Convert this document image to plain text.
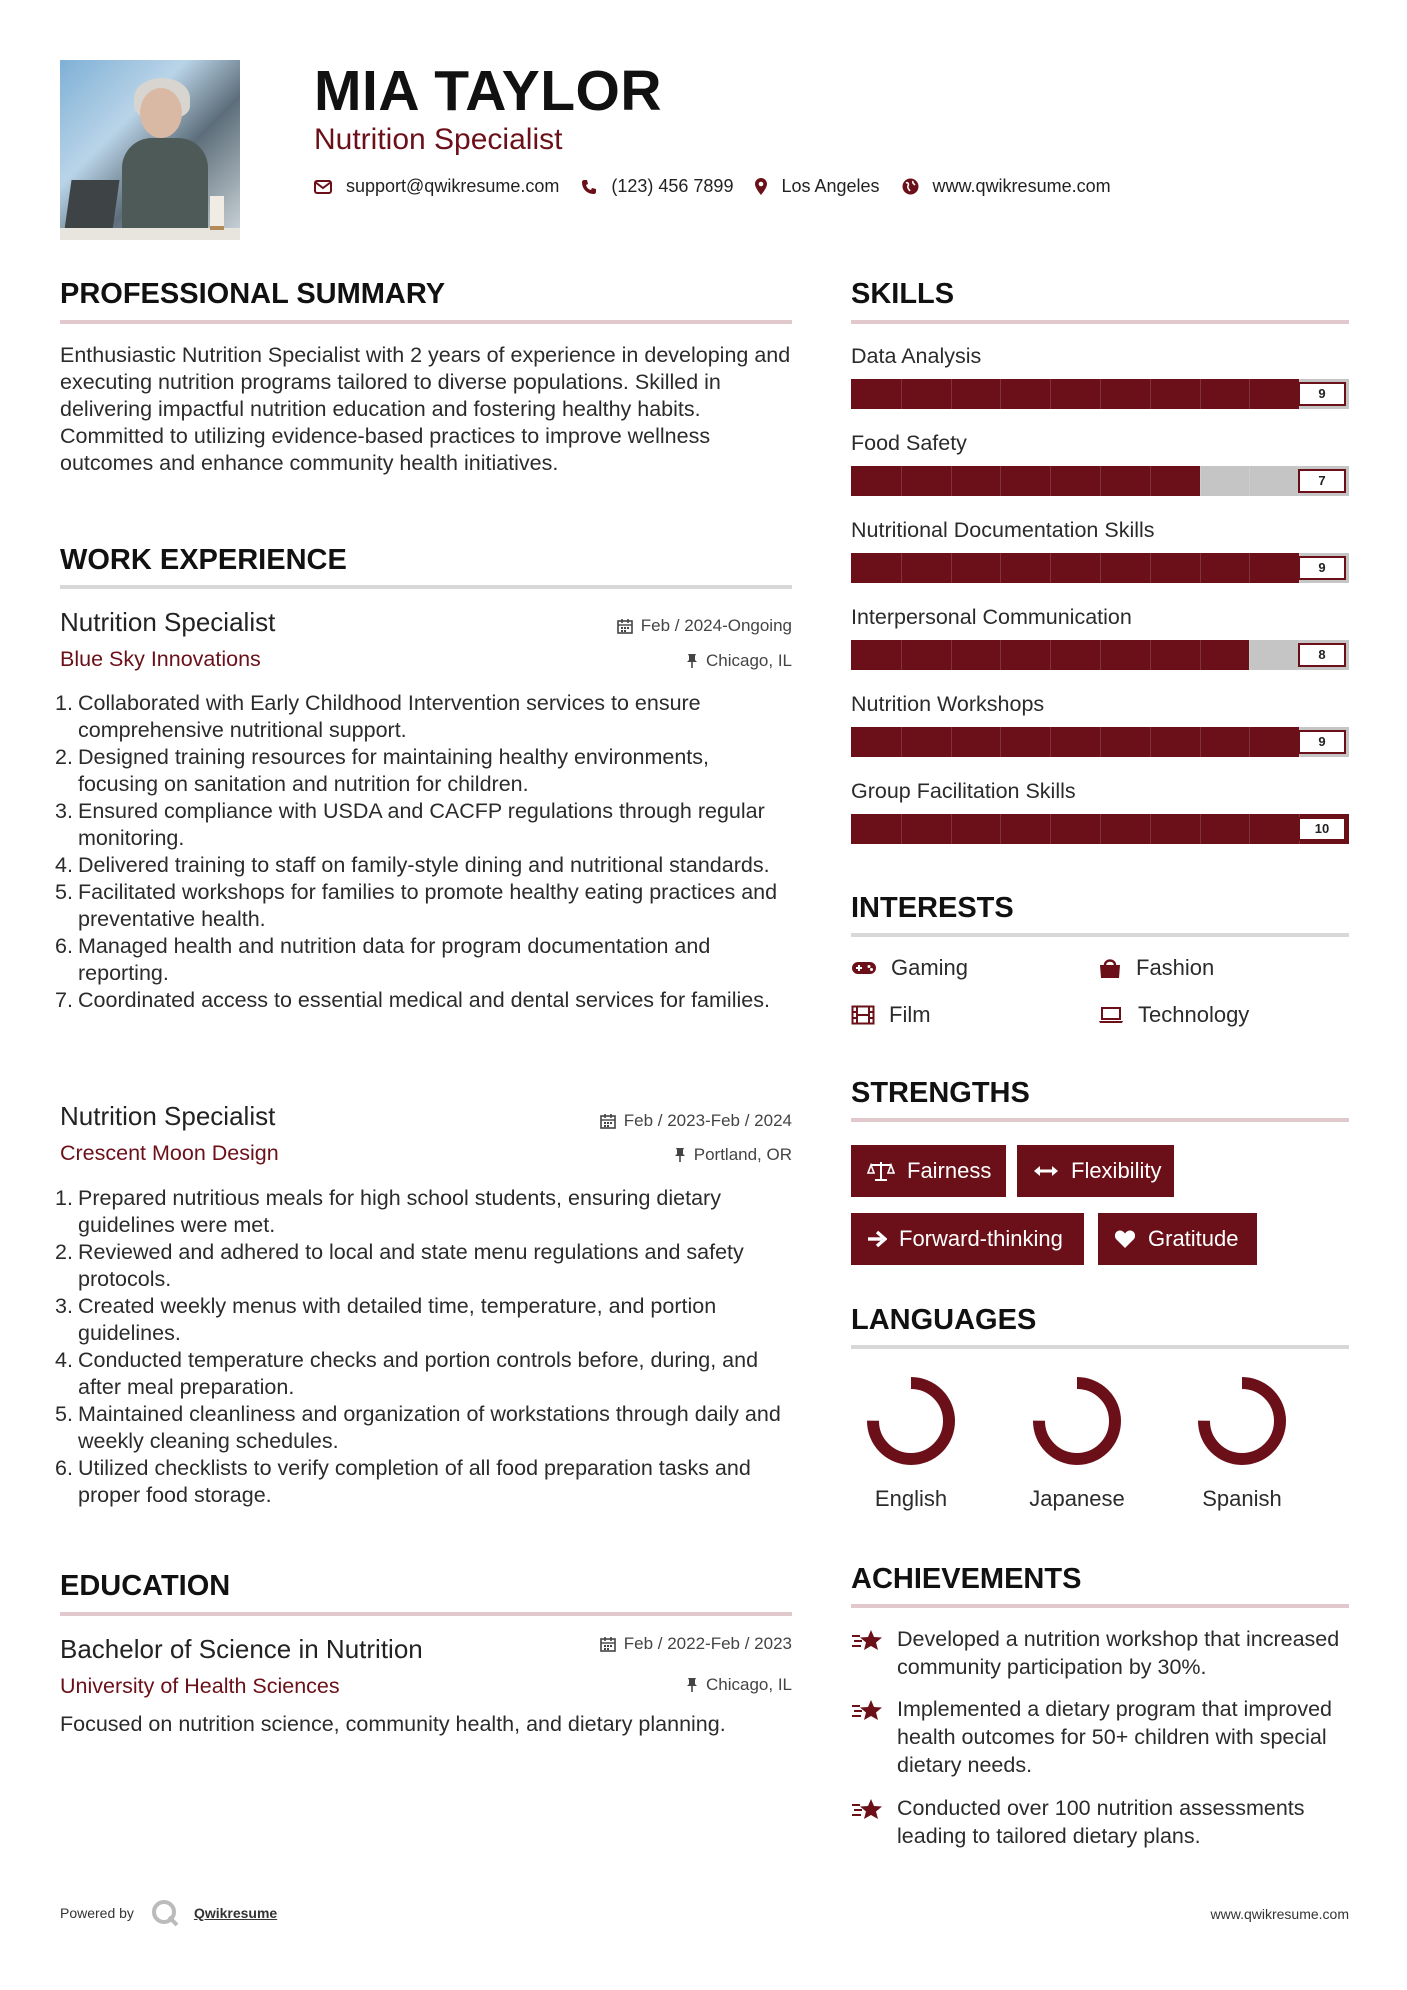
MIA TAYLOR
Nutrition Specialist
support@qwikresume.com	(123) 456 7899	Los Angeles	www.qwikresume.com
PROFESSIONAL SUMMARY
Enthusiastic Nutrition Specialist with 2 years of experience in developing and executing nutrition programs tailored to diverse populations. Skilled in delivering impactful nutrition education and fostering healthy habits. Committed to utilizing evidence-based practices to improve wellness outcomes and enhance community health initiatives.
WORK EXPERIENCE
Nutrition Specialist	Feb / 2024-Ongoing
Blue Sky Innovations	Chicago, IL
1. Collaborated with Early Childhood Intervention services to ensure comprehensive nutritional support.
2. Designed training resources for maintaining healthy environments, focusing on sanitation and nutrition for children.
3. Ensured compliance with USDA and CACFP regulations through regular monitoring.
4. Delivered training to staff on family-style dining and nutritional standards.
5. Facilitated workshops for families to promote healthy eating practices and preventative health.
6. Managed health and nutrition data for program documentation and reporting.
7. Coordinated access to essential medical and dental services for families.
Nutrition Specialist	Feb / 2023-Feb / 2024
Crescent Moon Design	Portland, OR
1. Prepared nutritious meals for high school students, ensuring dietary guidelines were met.
2. Reviewed and adhered to local and state menu regulations and safety protocols.
3. Created weekly menus with detailed time, temperature, and portion guidelines.
4. Conducted temperature checks and portion controls before, during, and after meal preparation.
5. Maintained cleanliness and organization of workstations through daily and weekly cleaning schedules.
6. Utilized checklists to verify completion of all food preparation tasks and proper food storage.
EDUCATION
Bachelor of Science in Nutrition	Feb / 2022-Feb / 2023
University of Health Sciences	Chicago, IL
Focused on nutrition science, community health, and dietary planning.
SKILLS
Data Analysis
9
Food Safety
7
Nutritional Documentation Skills
9
Interpersonal Communication
8
Nutrition Workshops
9
Group Facilitation Skills
10
INTERESTS
Gaming	Fashion
Film	Technology
STRENGTHS
Fairness	Flexibility
Forward-thinking	Gratitude
LANGUAGES
English	Japanese	Spanish
ACHIEVEMENTS
Developed a nutrition workshop that increased community participation by 30%.
Implemented a dietary program that improved health outcomes for 50+ children with special dietary needs.
Conducted over 100 nutrition assessments leading to tailored dietary plans.
Powered by	Qwikresume	www.qwikresume.com
